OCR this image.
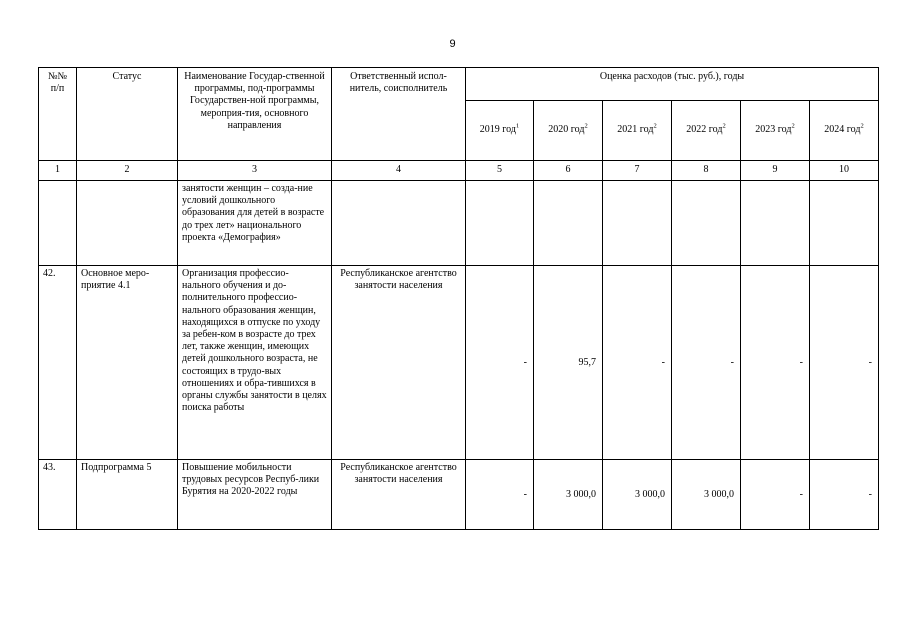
9
№№ п/п	Статус	Наименование Государ-ственной программы, под-программы Государствен-ной программы, мероприя-тия, основного направления	Ответственный испол-нитель, соисполнитель	Оценка расходов (тыс. руб.), годы					
				2019 год$^1$	2020 год$^2$	2021 год$^2$	2022 год$^2$	2023 год$^2$	2024 год$^2$
1	2	3	4	5	6	7	8	9	10
		занятости женщин – созда-ние условий дошкольного образования для детей в возрасте до трех лет» национального проекта «Демография»							
42.	Основное меро-приятие 4.1	Организация профессио-нального обучения и до-полнительного профессио-нального образования женщин, находящихся в отпуске по уходу за ребен-ком в возрасте до трех лет, также женщин, имеющих детей дошкольного возраста, не состоящих в трудо-вых отношениях и обра-тившихся в органы службы занятости в целях поиска работы	Республиканское агентство занятости населения	-	95,7	-	-	-	-
43.	Подпрограмма 5	Повышение мобильности трудовых ресурсов Респуб-лики Бурятия на 2020-2022 годы	Республиканское агентство занятости населения	-	3 000,0	3 000,0	3 000,0	-	-
